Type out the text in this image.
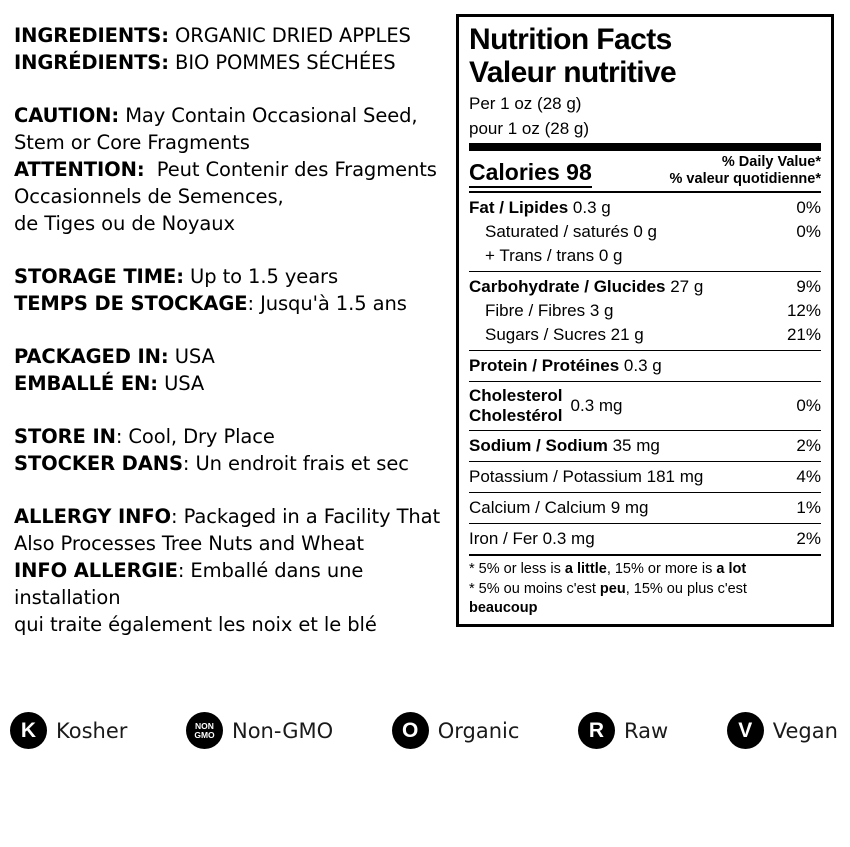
INGREDIENTS: ORGANIC DRIED APPLES
INGRÉDIENTS: BIO POMMES SÉCHÉES
CAUTION: May Contain Occasional Seed,
Stem or Core Fragments
ATTENTION:  Peut Contenir des Fragments
Occasionnels de Semences,
de Tiges ou de Noyaux
STORAGE TIME: Up to 1.5 years
TEMPS DE STOCKAGE: Jusqu'à 1.5 ans
PACKAGED IN: USA
EMBALLÉ EN: USA
STORE IN: Cool, Dry Place
STOCKER DANS: Un endroit frais et sec
ALLERGY INFO: Packaged in a Facility That
Also Processes Tree Nuts and Wheat
INFO ALLERGIE: Emballé dans une installation
qui traite également les noix et le blé
Nutrition Facts
Valeur nutritive
Per 1 oz (28 g)
pour 1 oz (28 g)
Calories 98	% Daily Value*
% valeur quotidienne*
Fat / Lipides 0.3 g	0%
Saturated / saturés 0 g	0%
+ Trans / trans 0 g
Carbohydrate / Glucides 27 g	9%
Fibre / Fibres 3 g	12%
Sugars / Sucres 21 g	21%
Protein / Protéines 0.3 g
Cholesterol
Cholestérol
0.3 mg	0%
Sodium / Sodium 35 mg	2%
Potassium / Potassium 181 mg	4%
Calcium / Calcium 9 mg	1%
Iron / Fer 0.3 mg	2%
* 5% or less is a little, 15% or more is a lot
* 5% ou moins c'est peu, 15% ou plus c'est
beaucoup
K Kosher	NON
GMO Non-GMO	O Organic	R Raw	V Vegan
